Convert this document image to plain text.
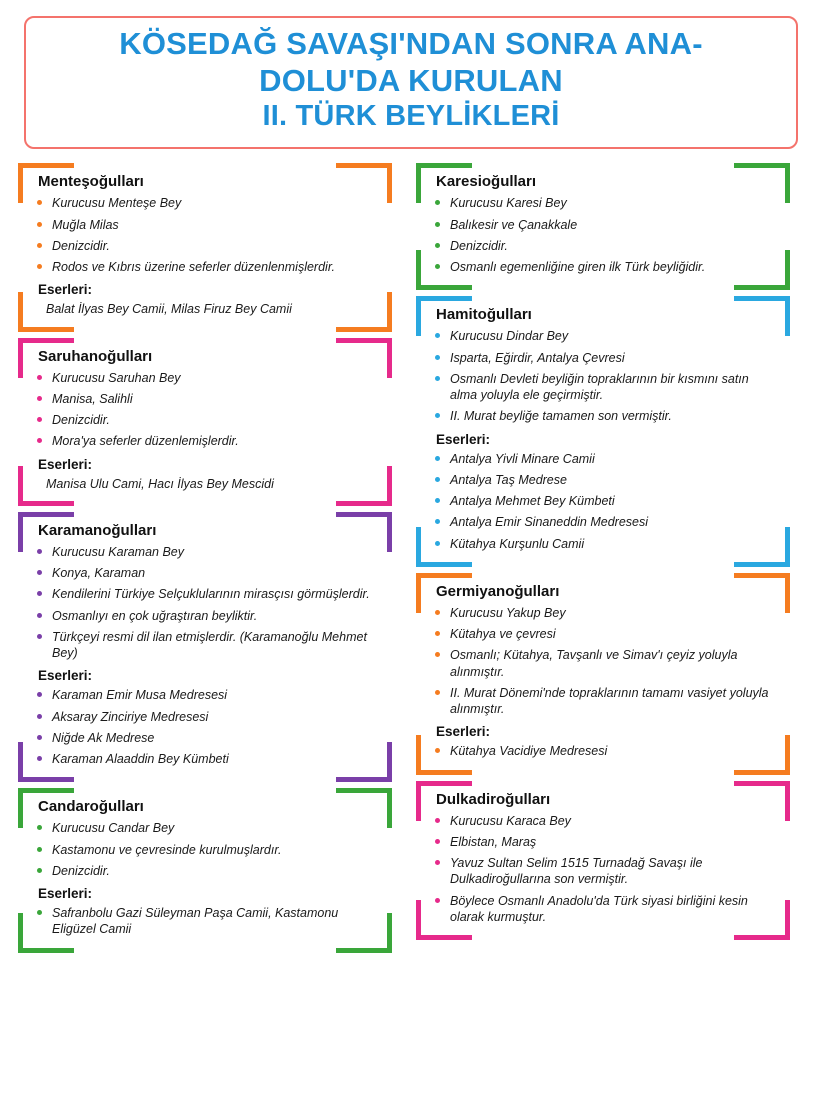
KÖSEDAĞ SAVAŞI'NDAN SONRA ANA-
DOLU'DA KURULAN
II. TÜRK BEYLİKLERİ
Menteşoğulları
Kurucusu Menteşe Bey
Muğla Milas
Denizcidir.
Rodos ve Kıbrıs üzerine seferler düzenlenmişlerdir.
Eserleri:
Balat İlyas Bey Camii, Milas Firuz Bey Camii
Saruhanoğulları
Kurucusu Saruhan Bey
Manisa, Salihli
Denizcidir.
Mora'ya seferler düzenlemişlerdir.
Eserleri:
Manisa Ulu Cami, Hacı İlyas Bey Mescidi
Karamanoğulları
Kurucusu Karaman Bey
Konya, Karaman
Kendilerini Türkiye Selçuklularının mirasçısı görmüşlerdir.
Osmanlıyı en çok uğraştıran beyliktir.
Türkçeyi resmi dil ilan etmişlerdir. (Karamanoğlu Mehmet Bey)
Eserleri:
Karaman Emir Musa Medresesi
Aksaray Zinciriye Medresesi
Niğde Ak Medrese
Karaman Alaaddin Bey Kümbeti
Candaroğulları
Kurucusu Candar Bey
Kastamonu ve çevresinde kurulmuşlardır.
Denizcidir.
Eserleri:
Safranbolu Gazi Süleyman Paşa Camii, Kastamonu Eligüzel Camii
Karesioğulları
Kurucusu Karesi Bey
Balıkesir ve Çanakkale
Denizcidir.
Osmanlı egemenliğine giren ilk Türk beyliğidir.
Hamitoğulları
Kurucusu Dindar Bey
Isparta, Eğirdir, Antalya Çevresi
Osmanlı Devleti beyliğin topraklarının bir kısmını satın alma yoluyla ele geçirmiştir.
II. Murat beyliğe tamamen son vermiştir.
Eserleri:
Antalya Yivli Minare Camii
Antalya Taş Medrese
Antalya Mehmet Bey Kümbeti
Antalya Emir Sinaneddin Medresesi
Kütahya Kurşunlu Camii
Germiyanoğulları
Kurucusu Yakup Bey
Kütahya ve çevresi
Osmanlı; Kütahya, Tavşanlı ve Simav'ı çeyiz yoluyla alınmıştır.
II. Murat Dönemi'nde topraklarının tamamı vasiyet yoluyla alınmıştır.
Eserleri:
Kütahya Vacidiye Medresesi
Dulkadiroğulları
Kurucusu Karaca Bey
Elbistan, Maraş
Yavuz Sultan Selim 1515 Turnadağ Savaşı ile Dulkadiroğullarına son vermiştir.
Böylece Osmanlı Anadolu'da Türk siyasi birliğini kesin olarak kurmuştur.
